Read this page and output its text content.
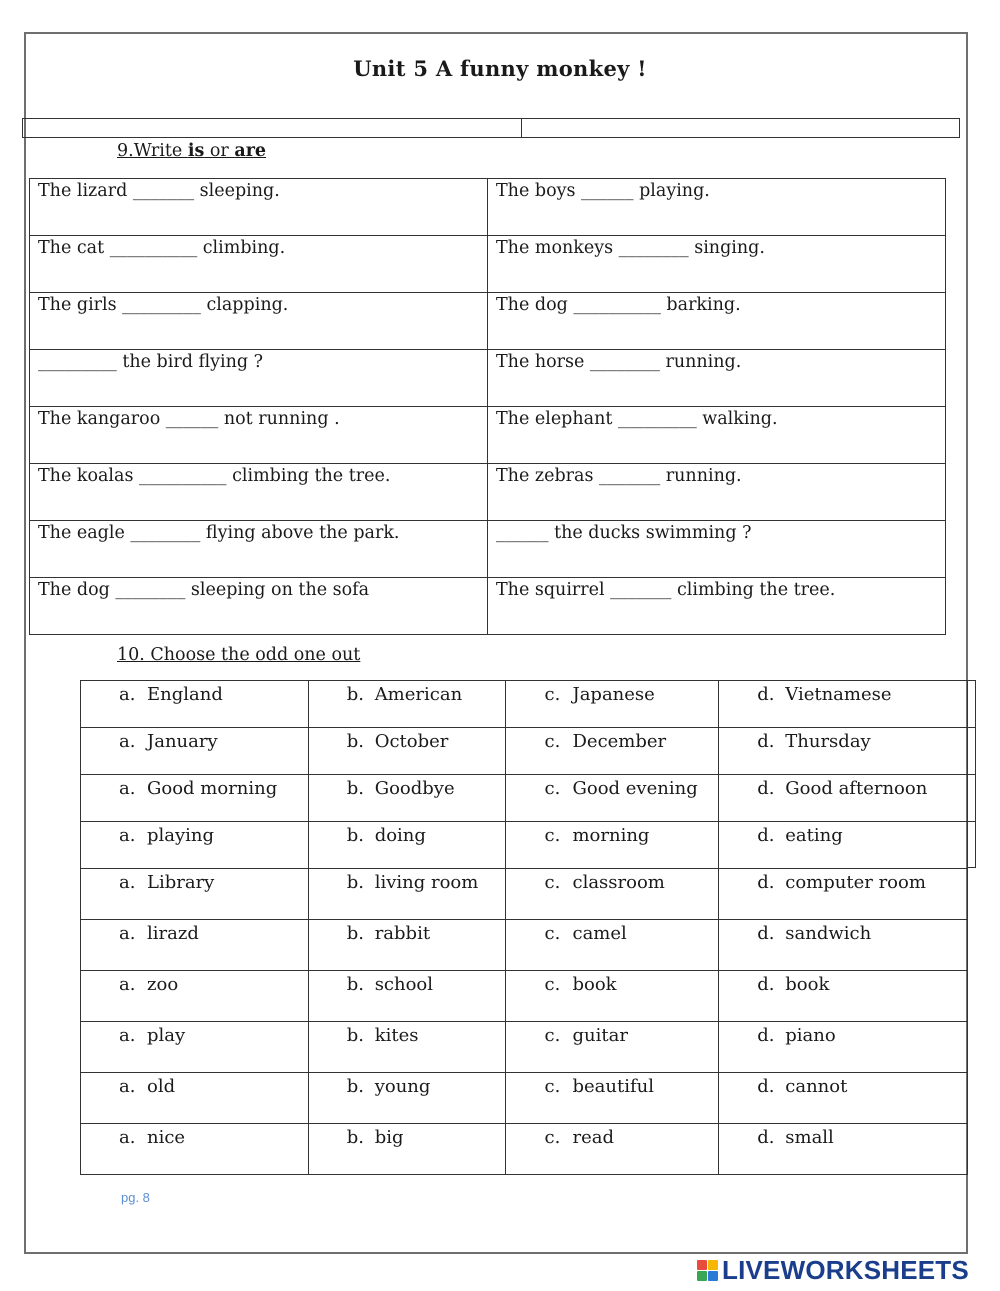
Unit 5 A funny monkey !
9.Write is or are
The lizard _______ sleeping.	The boys ______ playing.
The cat __________ climbing.	The monkeys ________ singing.
The girls _________ clapping.	The dog __________ barking.
_________ the bird flying ?	The horse ________ running.
The kangaroo ______ not running .	The elephant _________ walking.
The koalas __________ climbing the tree.	The zebras _______ running.
The eagle ________ flying above the park.	______ the ducks swimming ?
The dog ________ sleeping on the sofa	The squirrel _______ climbing the tree.
10. Choose the odd one out
a. England	b. American	c. Japanese	d. Vietnamese
a. January	b. October	c. December	d. Thursday
a. Good morning	b. Goodbye	c. Good evening	d. Good afternoon
a. playing	b. doing	c. morning	d. eating
a. Library	b. living room	c. classroom	d. computer room
a. lirazd	b. rabbit	c. camel	d. sandwich
a. zoo	b. school	c. book	d. book
a. play	b. kites	c. guitar	d. piano
a. old	b. young	c. beautiful	d. cannot
a. nice	b. big	c. read	d. small
pg. 8
LIVEWORKSHEETS
